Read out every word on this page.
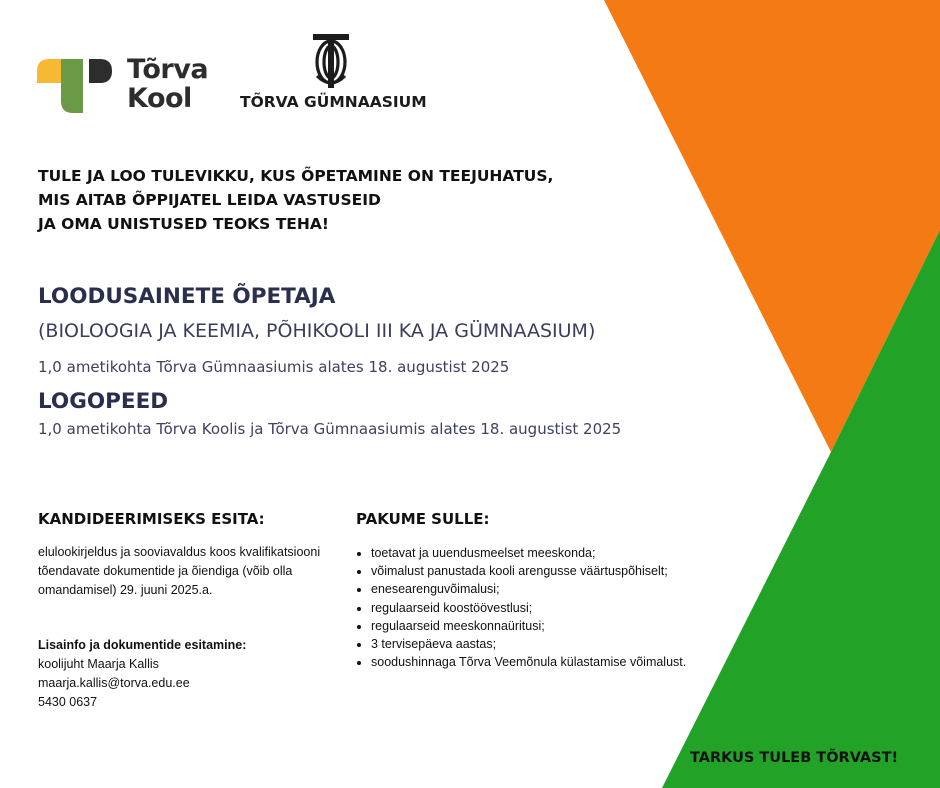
Tõrva
Kool	TÕRVA GÜMNAASIUM
TULE JA LOO TULEVIKKU, KUS ÕPETAMINE ON TEEJUHATUS,
MIS AITAB ÕPPIJATEL LEIDA VASTUSEID
JA OMA UNISTUSED TEOKS TEHA!
LOODUSAINETE ÕPETAJA
(BIOLOOGIA JA KEEMIA, PÕHIKOOLI III KA JA GÜMNAASIUM)
1,0 ametikohta Tõrva Gümnaasiumis alates 18. augustist 2025
LOGOPEED
1,0 ametikohta Tõrva Koolis ja Tõrva Gümnaasiumis alates 18. augustist 2025
KANDIDEERIMISEKS ESITA:
elulookirjeldus ja sooviavaldus koos kvalifikatsiooni
tõendavate dokumentide ja õiendiga (võib olla
omandamisel) 29. juuni 2025.a.
Lisainfo ja dokumentide esitamine:
koolijuht Maarja Kallis
maarja.kallis@torva.edu.ee
5430 0637
PAKUME SULLE:
• toetavat ja uuendusmeelset meeskonda;
• võimalust panustada kooli arengusse väärtuspõhiselt;
• enesearenguvõimalusi;
• regulaarseid koostöövestlusi;
• regulaarseid meeskonnaüritusi;
• 3 tervisepäeva aastas;
• soodushinnaga Tõrva Veemõnula külastamise võimalust.
TARKUS TULEB TÕRVAST!
